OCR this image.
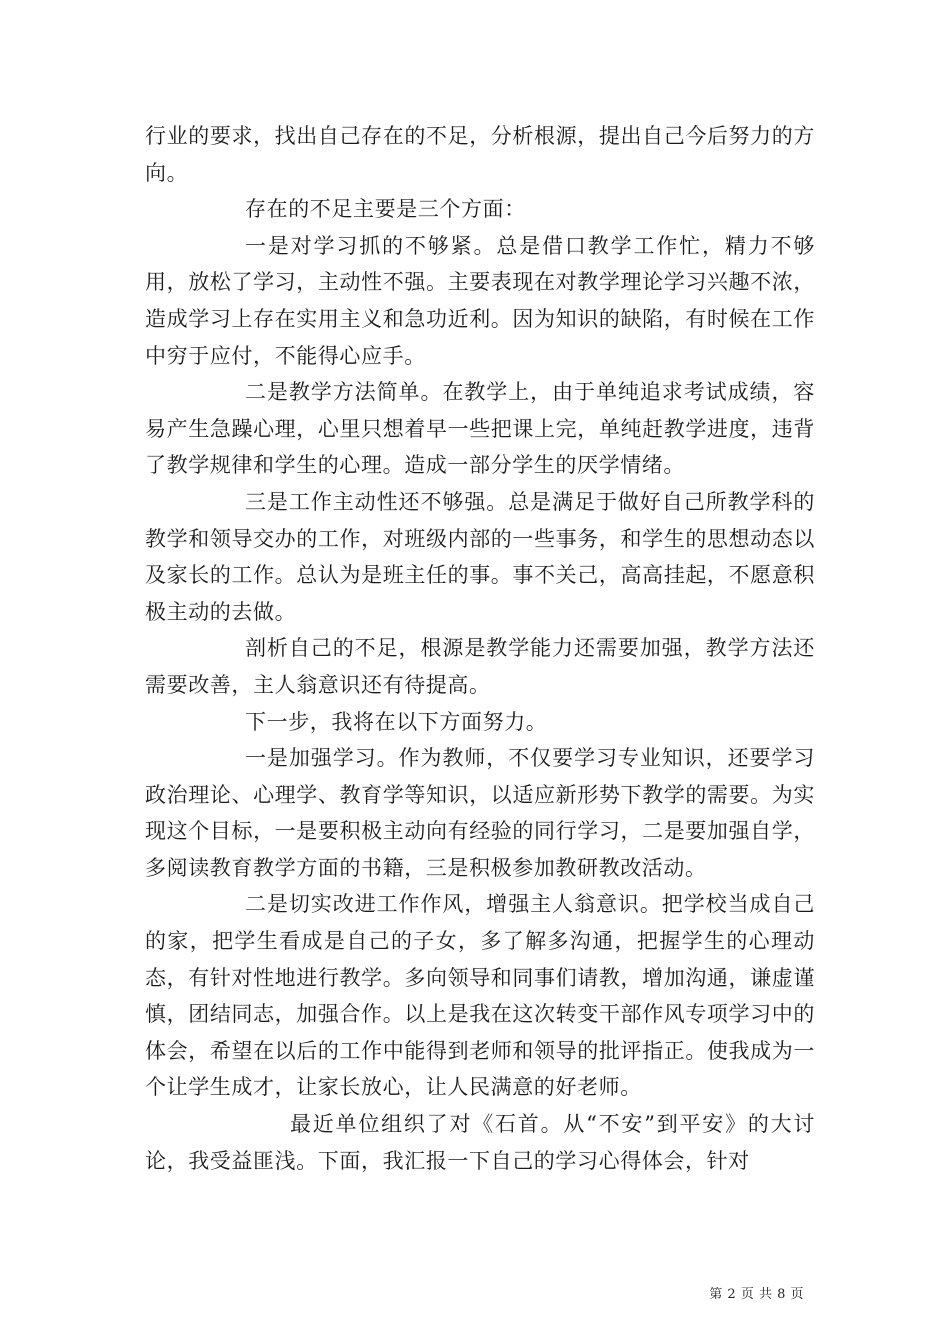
行业的要求，找出自己存在的不足，分析根源，提出自己今后努力的方向。

存在的不足主要是三个方面：

一是对学习抓的不够紧。总是借口教学工作忙，精力不够用，放松了学习，主动性不强。主要表现在对教学理论学习兴趣不浓，造成学习上存在实用主义和急功近利。因为知识的缺陷，有时候在工作中穷于应付，不能得心应手。

二是教学方法简单。在教学上，由于单纯追求考试成绩，容易产生急躁心理，心里只想着早一些把课上完，单纯赶教学进度，违背了教学规律和学生的心理。造成一部分学生的厌学情绪。

三是工作主动性还不够强。总是满足于做好自己所教学科的教学和领导交办的工作，对班级内部的一些事务，和学生的思想动态以及家长的工作。总认为是班主任的事。事不关己，高高挂起，不愿意积极主动的去做。

剖析自己的不足，根源是教学能力还需要加强，教学方法还需要改善，主人翁意识还有待提高。

下一步，我将在以下方面努力。

一是加强学习。作为教师，不仅要学习专业知识，还要学习政治理论、心理学、教育学等知识，以适应新形势下教学的需要。为实现这个目标，一是要积极主动向有经验的同行学习，二是要加强自学，多阅读教育教学方面的书籍，三是积极参加教研教改活动。

二是切实改进工作作风，增强主人翁意识。把学校当成自己的家，把学生看成是自己的子女，多了解多沟通，把握学生的心理动态，有针对性地进行教学。多向领导和同事们请教，增加沟通，谦虚谨慎，团结同志，加强合作。以上是我在这次转变干部作风专项学习中的体会，希望在以后的工作中能得到老师和领导的批评指正。使我成为一个让学生成才，让家长放心，让人民满意的好老师。

最近单位组织了对《石首。从“不安”到平安》的大讨论，我受益匪浅。下面，我汇报一下自己的学习心得体会，针对

第 2 页 共 8 页
